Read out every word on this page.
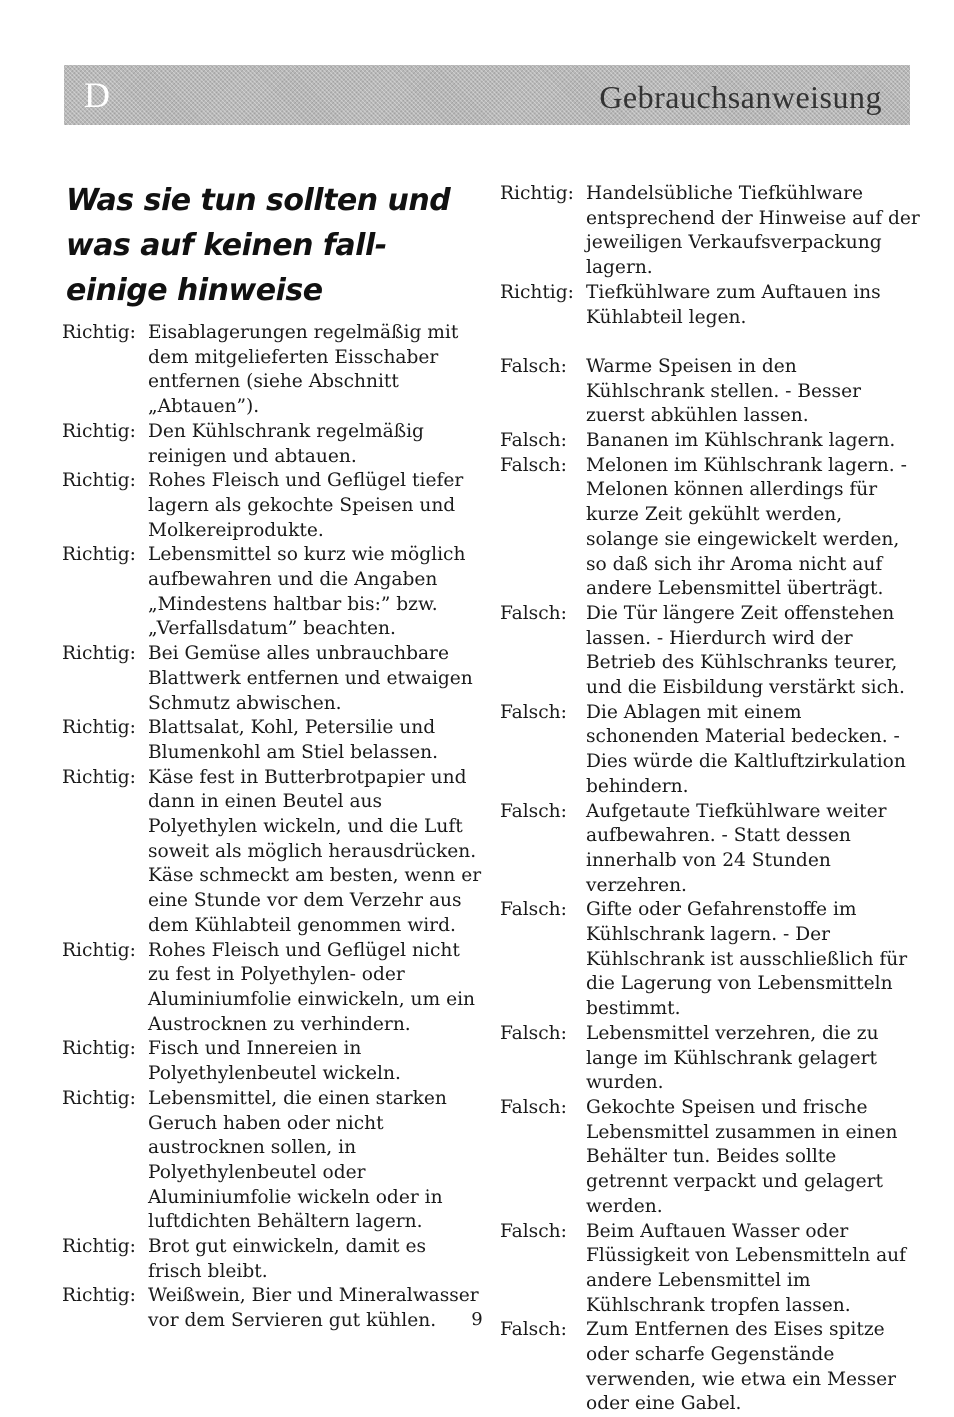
D	Gebrauchsanweisung
Was sie tun sollten und was auf keinen fall- einige hinweise
Richtig: Eisablagerungen regelmäßig mit dem mitgelieferten Eisschaber entfernen (siehe Abschnitt „Abtauen”).
Richtig: Den Kühlschrank regelmäßig reinigen und abtauen.
Richtig: Rohes Fleisch und Geflügel tiefer lagern als gekochte Speisen und Molkereiprodukte.
Richtig: Lebensmittel so kurz wie möglich aufbewahren und die Angaben „Mindestens haltbar bis:” bzw. „Verfallsdatum” beachten.
Richtig: Bei Gemüse alles unbrauchbare Blattwerk entfernen und etwaigen Schmutz abwischen.
Richtig: Blattsalat, Kohl, Petersilie und Blumenkohl am Stiel belassen.
Richtig: Käse fest in Butterbrotpapier und dann in einen Beutel aus Polyethylen wickeln, und die Luft soweit als möglich herausdrücken. Käse schmeckt am besten, wenn er eine Stunde vor dem Verzehr aus dem Kühlabteil genommen wird.
Richtig: Rohes Fleisch und Geflügel nicht zu fest in Polyethylen- oder Aluminiumfolie einwickeln, um ein Austrocknen zu verhindern.
Richtig: Fisch und Innereien in Polyethylenbeutel wickeln.
Richtig: Lebensmittel, die einen starken Geruch haben oder nicht austrocknen sollen, in Polyethylenbeutel oder Aluminiumfolie wickeln oder in luftdichten Behältern lagern.
Richtig: Brot gut einwickeln, damit es frisch bleibt.
Richtig: Weißwein, Bier und Mineralwasser vor dem Servieren gut kühlen.
Richtig: Handelsübliche Tiefkühlware entsprechend der Hinweise auf der jeweiligen Verkaufsverpackung lagern.
Richtig: Tiefkühlware zum Auftauen ins Kühlabteil legen.
Falsch:	Warme Speisen in den Kühlschrank stellen. - Besser zuerst abkühlen lassen.
Falsch:	Bananen im Kühlschrank lagern.
Falsch:	Melonen im Kühlschrank lagern. - Melonen können allerdings für kurze Zeit gekühlt werden, solange sie eingewickelt werden, so daß sich ihr Aroma nicht auf andere Lebensmittel überträgt.
Falsch:	Die Tür längere Zeit offenstehen lassen. - Hierdurch wird der Betrieb des Kühlschranks teurer, und die Eisbildung verstärkt sich.
Falsch:	Die Ablagen mit einem schonenden Material bedecken. - Dies würde die Kaltluftzirkulation behindern.
Falsch:	Aufgetaute Tiefkühlware weiter aufbewahren. - Statt dessen innerhalb von 24 Stunden verzehren.
Falsch:	Gifte oder Gefahrenstoffe im Kühlschrank lagern. - Der Kühlschrank ist ausschließlich für die Lagerung von Lebensmitteln bestimmt.
Falsch:	Lebensmittel verzehren, die zu lange im Kühlschrank gelagert wurden.
Falsch:	Gekochte Speisen und frische Lebensmittel zusammen in einen Behälter tun. Beides sollte getrennt verpackt und gelagert werden.
Falsch:	Beim Auftauen Wasser oder Flüssigkeit von Lebensmitteln auf andere Lebensmittel im Kühlschrank tropfen lassen.
Falsch:	Zum Entfernen des Eises spitze oder scharfe Gegenstände verwenden, wie etwa ein Messer oder eine Gabel.
9
